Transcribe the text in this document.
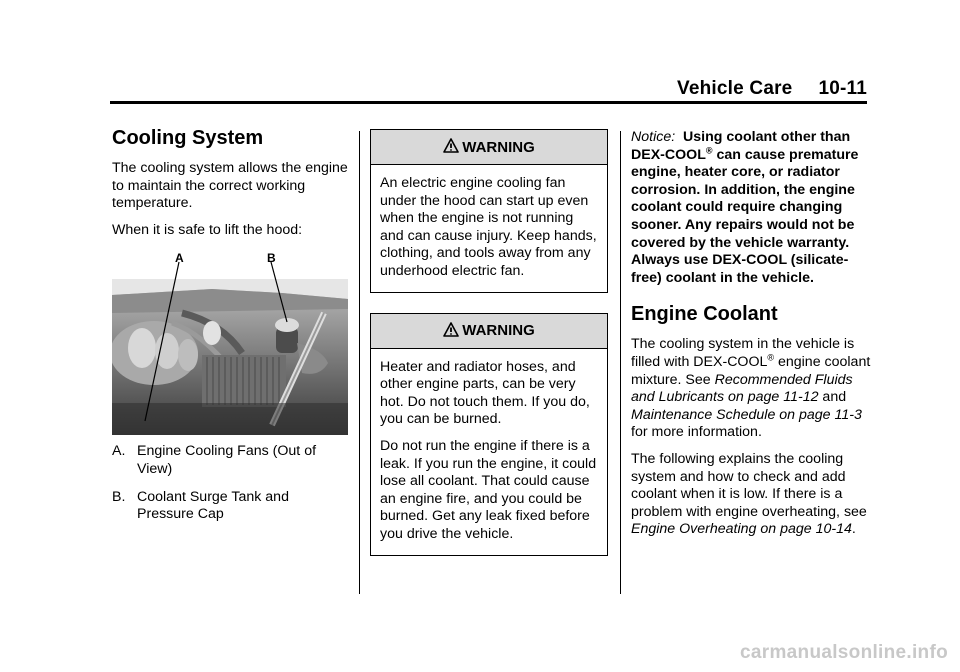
Vehicle Care 10-11
Cooling System

The cooling system allows the engine to maintain the correct working temperature.

When it is safe to lift the hood:

A	B
A. Engine Cooling Fans (Out of View)
B. Coolant Surge Tank and Pressure Cap
WARNING

An electric engine cooling fan under the hood can start up even when the engine is not running and can cause injury. Keep hands, clothing, and tools away from any underhood electric fan.

WARNING

Heater and radiator hoses, and other engine parts, can be very hot. Do not touch them. If you do, you can be burned.

Do not run the engine if there is a leak. If you run the engine, it could lose all coolant. That could cause an engine fire, and you could be burned. Get any leak fixed before you drive the vehicle.

Notice: Using coolant other than DEX-COOL® can cause premature engine, heater core, or radiator corrosion. In addition, the engine coolant could require changing sooner. Any repairs would not be covered by the vehicle warranty. Always use DEX-COOL (silicate-free) coolant in the vehicle.

Engine Coolant

The cooling system in the vehicle is filled with DEX-COOL® engine coolant mixture. See Recommended Fluids and Lubricants on page 11-12 and Maintenance Schedule on page 11-3 for more information.

The following explains the cooling system and how to check and add coolant when it is low. If there is a problem with engine overheating, see Engine Overheating on page 10-14.

carmanualsonline.info
